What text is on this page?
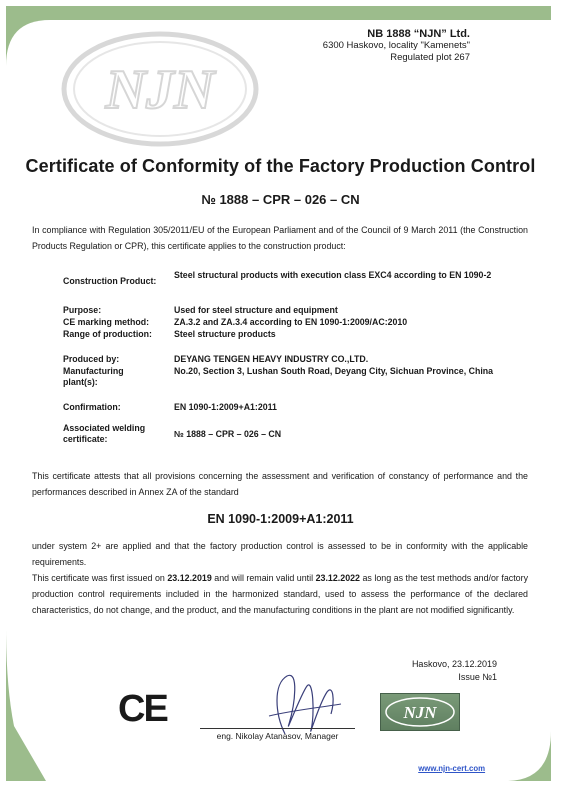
NJN
NB 1888 “NJN” Ltd.
6300 Haskovo, locality "Kamenets"
Regulated plot 267
Certificate of Conformity of the Factory Production Control
№ 1888 – CPR – 026 – CN
In compliance with Regulation 305/2011/EU of the European Parliament and of the Council of 9 March 2011 (the Construction Products Regulation or CPR), this certificate applies to the construction product:
Construction Product:
Steel structural products with execution class EXC4 according to EN 1090-2
Purpose:	Used for steel structure and equipment
CE marking method:	ZA.3.2 and ZA.3.4 according to EN 1090-1:2009/AC:2010
Range of production:	Steel structure products
Produced by:	DEYANG TENGEN HEAVY INDUSTRY CO.,LTD.
Manufacturing plant(s):
No.20, Section 3, Lushan South Road, Deyang City, Sichuan Province, China
Confirmation:	EN 1090-1:2009+A1:2011
Associated welding certificate:	№ 1888 – CPR – 026 – CN
This certificate attests that all provisions concerning the assessment and verification of constancy of performance and the performances described in Annex ZA of the standard
EN 1090-1:2009+A1:2011
under system 2+ are applied and that the factory production control is assessed to be in conformity with the applicable requirements.
This certificate was first issued on 23.12.2019 and will remain valid until 23.12.2022 as long as the test methods and/or factory production control requirements included in the harmonized standard, used to assess the performance of the declared characteristics, do not change, and the product, and the manufacturing conditions in the plant are not modified significantly.
Haskovo, 23.12.2019
Issue №1
CE
eng. Nikolay Atanasov, Manager
NJN
Verification of validity of the issued certificates can be done in the register of certificates on www.njn-cert.com
